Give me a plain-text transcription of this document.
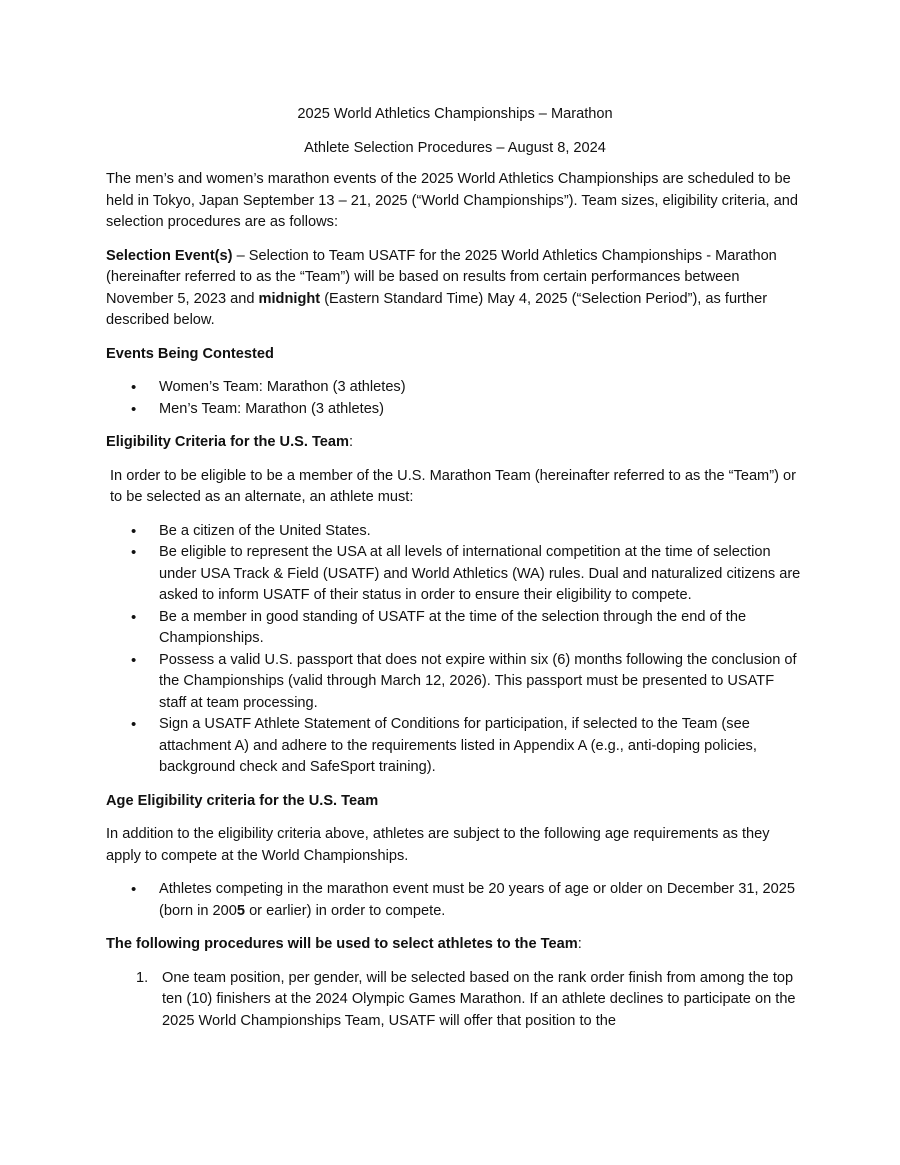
2025 World Athletics Championships – Marathon
Athlete Selection Procedures – August 8, 2024

The men’s and women’s marathon events of the 2025 World Athletics Championships are scheduled to be held in Tokyo, Japan September 13 – 21, 2025 (“World Championships”). Team sizes, eligibility criteria, and selection procedures are as follows:

Selection Event(s) – Selection to Team USATF for the 2025 World Athletics Championships - Marathon (hereinafter referred to as the “Team”) will be based on results from certain performances between November 5, 2023 and midnight (Eastern Standard Time) May 4, 2025 (“Selection Period”), as further described below.

Events Being Contested
• Women’s Team: Marathon (3 athletes)
• Men’s Team: Marathon (3 athletes)
Eligibility Criteria for the U.S. Team:

In order to be eligible to be a member of the U.S. Marathon Team (hereinafter referred to as the “Team”) or to be selected as an alternate, an athlete must:

• Be a citizen of the United States.
• Be eligible to represent the USA at all levels of international competition at the time of selection under USA Track & Field (USATF) and World Athletics (WA) rules. Dual and naturalized citizens are asked to inform USATF of their status in order to ensure their eligibility to compete.
• Be a member in good standing of USATF at the time of the selection through the end of the Championships.
• Possess a valid U.S. passport that does not expire within six (6) months following the conclusion of the Championships (valid through March 12, 2026). This passport must be presented to USATF staff at team processing.
• Sign a USATF Athlete Statement of Conditions for participation, if selected to the Team (see attachment A) and adhere to the requirements listed in Appendix A (e.g., anti-doping policies, background check and SafeSport training).
Age Eligibility criteria for the U.S. Team

In addition to the eligibility criteria above, athletes are subject to the following age requirements as they apply to compete at the World Championships.

• Athletes competing in the marathon event must be 20 years of age or older on December 31, 2025 (born in 2005 or earlier) in order to compete.
The following procedures will be used to select athletes to the Team:
1. One team position, per gender, will be selected based on the rank order finish from among the top ten (10) finishers at the 2024 Olympic Games Marathon. If an athlete declines to participate on the 2025 World Championships Team, USATF will offer that position to the
